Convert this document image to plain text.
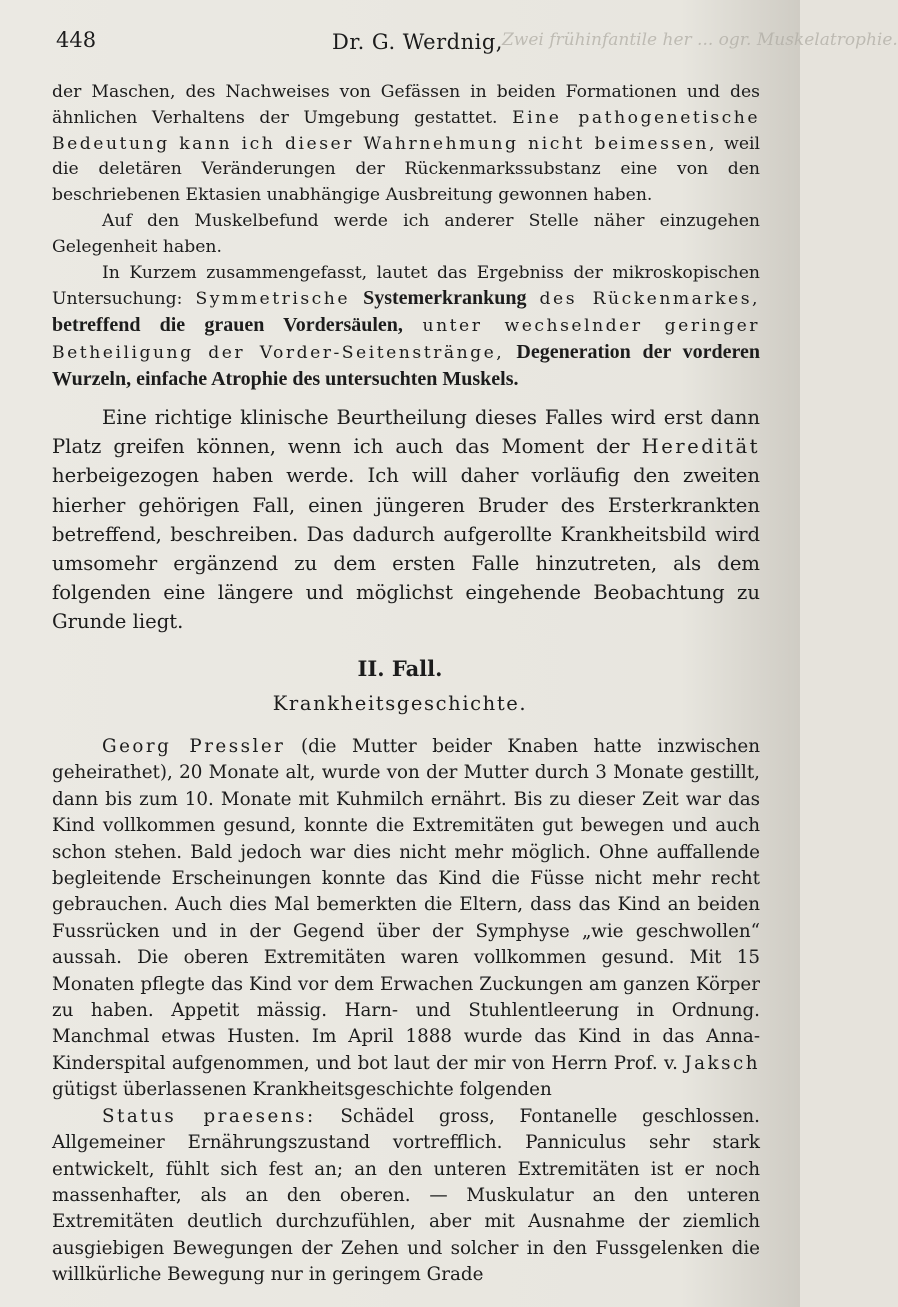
448	Dr. G. Werdnig, Zwei frühinfantile her ... ogr. Muskelatrophie.

der Maschen, des Nachweises von Gefässen in beiden Formationen und des ähnlichen Verhaltens der Umgebung gestattet. Eine pathogenetische Bedeutung kann ich dieser Wahrnehmung nicht beimessen, weil die deletären Veränderungen der Rückenmarkssubstanz eine von den beschriebenen Ektasien unabhängige Ausbreitung gewonnen haben.

Auf den Muskelbefund werde ich anderer Stelle näher einzugehen Gelegenheit haben.

In Kurzem zusammengefasst, lautet das Ergebniss der mikroskopischen Untersuchung: Symmetrische Systemerkrankung des Rückenmarkes, betreffend die grauen Vordersäulen, unter wechselnder geringer Betheiligung der Vorder-Seitenstränge, Degeneration der vorderen Wurzeln, einfache Atrophie des untersuchten Muskels.

Eine richtige klinische Beurtheilung dieses Falles wird erst dann Platz greifen können, wenn ich auch das Moment der Heredität herbeigezogen haben werde. Ich will daher vorläufig den zweiten hierher gehörigen Fall, einen jüngeren Bruder des Ersterkrankten betreffend, beschreiben. Das dadurch aufgerollte Krankheitsbild wird umsomehr ergänzend zu dem ersten Falle hinzutreten, als dem folgenden eine längere und möglichst eingehende Beobachtung zu Grunde liegt.

II. Fall.
Krankheitsgeschichte.

Georg Pressler (die Mutter beider Knaben hatte inzwischen geheirathet), 20 Monate alt, wurde von der Mutter durch 3 Monate gestillt, dann bis zum 10. Monate mit Kuhmilch ernährt. Bis zu dieser Zeit war das Kind vollkommen gesund, konnte die Extremitäten gut bewegen und auch schon stehen. Bald jedoch war dies nicht mehr möglich. Ohne auffallende begleitende Erscheinungen konnte das Kind die Füsse nicht mehr recht gebrauchen. Auch dies Mal bemerkten die Eltern, dass das Kind an beiden Fussrücken und in der Gegend über der Symphyse „wie geschwollen“ aussah. Die oberen Extremitäten waren vollkommen gesund. Mit 15 Monaten pflegte das Kind vor dem Erwachen Zuckungen am ganzen Körper zu haben. Appetit mässig. Harn- und Stuhlentleerung in Ordnung. Manchmal etwas Husten. Im April 1888 wurde das Kind in das Anna-Kinderspital aufgenommen, und bot laut der mir von Herrn Prof. v. Jaksch gütigst überlassenen Krankheitsgeschichte folgenden

Status praesens: Schädel gross, Fontanelle geschlossen. Allgemeiner Ernährungszustand vortrefflich. Panniculus sehr stark entwickelt, fühlt sich fest an; an den unteren Extremitäten ist er noch massenhafter, als an den oberen. — Muskulatur an den unteren Extremitäten deutlich durchzufühlen, aber mit Ausnahme der ziemlich ausgiebigen Bewegungen der Zehen und solcher in den Fussgelenken die willkürliche Bewegung nur in geringem Grade
